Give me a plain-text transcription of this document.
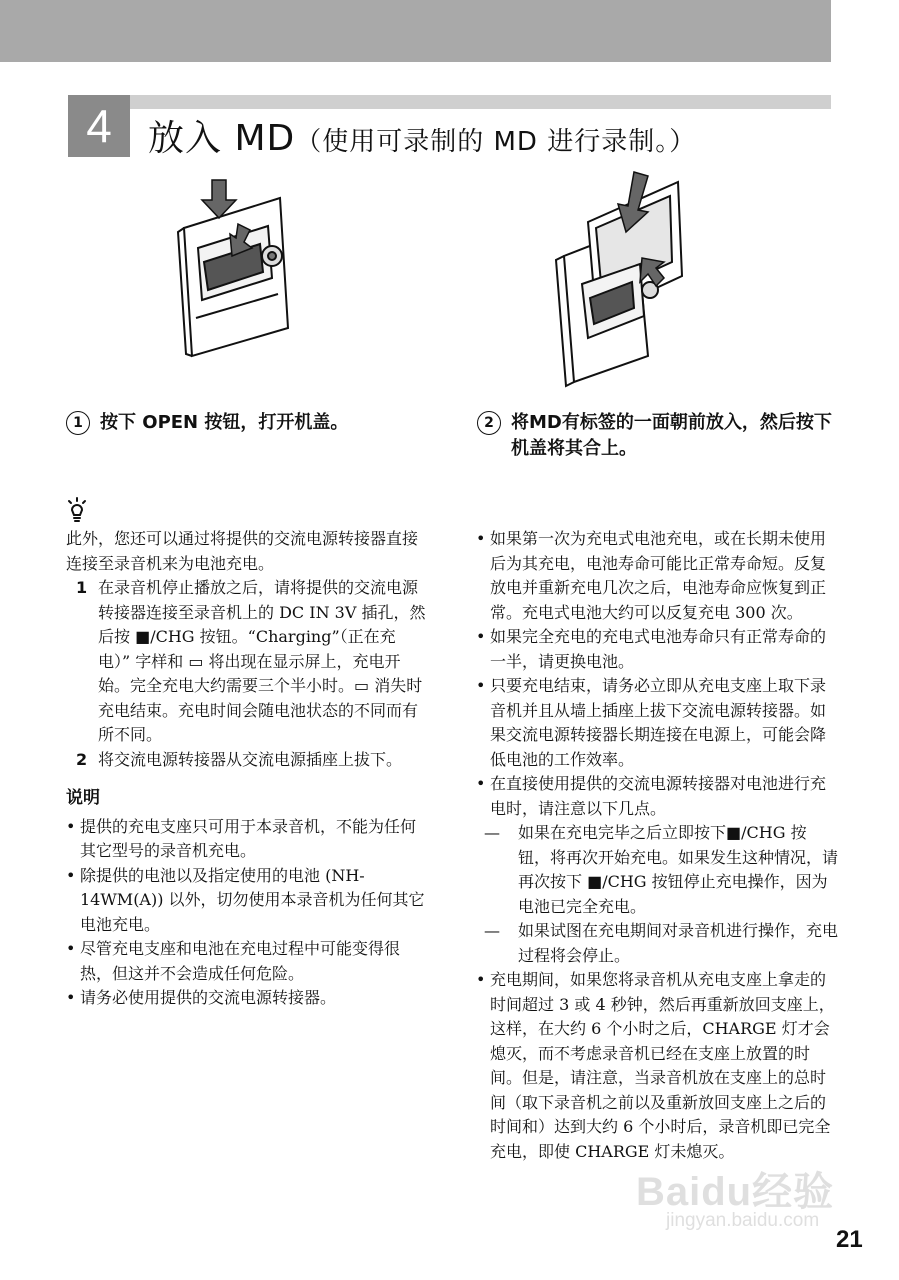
4	放入 MD（使用可录制的 MD 进行录制。）
1 按下 OPEN 按钮，打开机盖。	2 将MD有标签的一面朝前放入，然后按下机盖将其合上。

此外，您还可以通过将提供的交流电源转接器直接连接至录音机来为电池充电。

1 在录音机停止播放之后，请将提供的交流电源转接器连接至录音机上的 DC IN 3V 插孔，然后按 ■/CHG 按钮。“Charging”（正在充电）” 字样和 ▭ 将出现在显示屏上，充电开始。完全充电大约需要三个半小时。▭ 消失时充电结束。充电时间会随电池状态的不同而有所不同。
2 将交流电源转接器从交流电源插座上拔下。
说明
• 提供的充电支座只可用于本录音机，不能为任何其它型号的录音机充电。
• 除提供的电池以及指定使用的电池 (NH-14WM(A)) 以外，切勿使用本录音机为任何其它电池充电。
• 尽管充电支座和电池在充电过程中可能变得很热，但这并不会造成任何危险。
• 请务必使用提供的交流电源转接器。
• 如果第一次为充电式电池充电，或在长期未使用后为其充电，电池寿命可能比正常寿命短。反复放电并重新充电几次之后，电池寿命应恢复到正常。充电式电池大约可以反复充电 300 次。
• 如果完全充电的充电式电池寿命只有正常寿命的一半，请更换电池。
• 只要充电结束，请务必立即从充电支座上取下录音机并且从墙上插座上拔下交流电源转接器。如果交流电源转接器长期连接在电源上，可能会降低电池的工作效率。
• 在直接使用提供的交流电源转接器对电池进行充电时，请注意以下几点。
— 如果在充电完毕之后立即按下■/CHG 按钮，将再次开始充电。如果发生这种情况，请再次按下 ■/CHG 按钮停止充电操作，因为电池已完全充电。
— 如果试图在充电期间对录音机进行操作，充电过程将会停止。
• 充电期间，如果您将录音机从充电支座上拿走的时间超过 3 或 4 秒钟，然后再重新放回支座上，这样，在大约 6 个小时之后，CHARGE 灯才会熄灭，而不考虑录音机已经在支座上放置的时间。但是，请注意，当录音机放在支座上的总时间（取下录音机之前以及重新放回支座上之后的时间和）达到大约 6 个小时后，录音机即已完全充电，即使 CHARGE 灯未熄灭。
Baidu经验
jingyan.baidu.com
21
